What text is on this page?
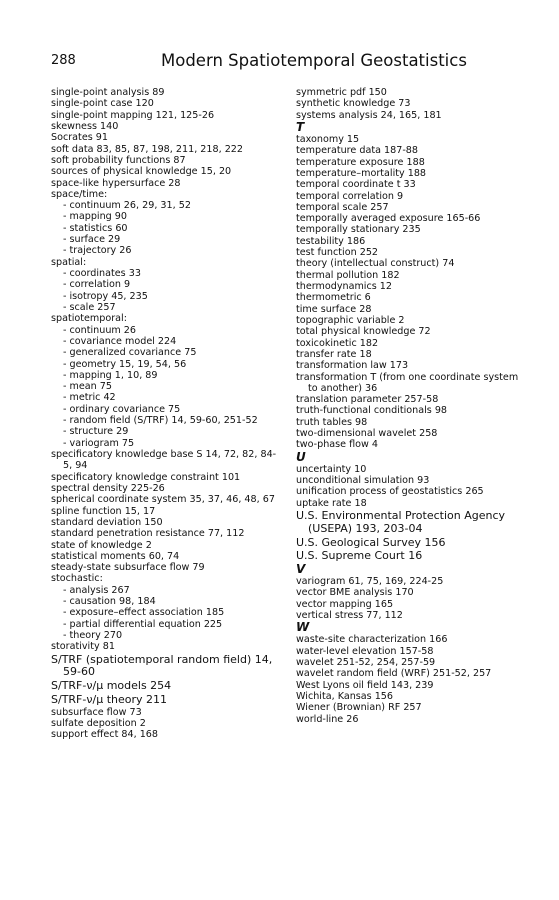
288	Modern Spatiotemporal Geostatistics

single-point analysis 89

single-point case 120

single-point mapping 121, 125-26

skewness 140

Socrates 91

soft data 83, 85, 87, 198, 211, 218, 222

soft probability functions 87

sources of physical knowledge 15, 20

space-like hypersurface 28

space/time:

- continuum 26, 29, 31, 52

- mapping 90

- statistics 60

- surface 29

- trajectory 26

spatial:

- coordinates 33

- correlation 9

- isotropy 45, 235

- scale 257

spatiotemporal:

- continuum 26

- covariance model 224

- generalized covariance 75

- geometry 15, 19, 54, 56

- mapping 1, 10, 89

- mean 75

- metric 42

- ordinary covariance 75

- random field (S/TRF) 14, 59-60, 251-52

- structure 29

- variogram 75

specificatory knowledge base S 14, 72, 82, 84-5, 94

specificatory knowledge constraint 101

spectral density 225-26

spherical coordinate system 35, 37, 46, 48, 67

spline function 15, 17

standard deviation 150

standard penetration resistance 77, 112

state of knowledge 2

statistical moments 60, 74

steady-state subsurface flow 79

stochastic:

- analysis 267

- causation 98, 184

- exposure–effect association 185

- partial differential equation 225

- theory 270

storativity 81

S/TRF (spatiotemporal random field) 14, 59-60

S/TRF-ν/μ models 254

S/TRF-ν/μ theory 211

subsurface flow 73

sulfate deposition 2

support effect 84, 168

symmetric pdf 150

synthetic knowledge 73

systems analysis 24, 165, 181

T

taxonomy 15

temperature data 187-88

temperature exposure 188

temperature–mortality 188

temporal coordinate t 33

temporal correlation 9

temporal scale 257

temporally averaged exposure 165-66

temporally stationary 235

testability 186

test function 252

theory (intellectual construct) 74

thermal pollution 182

thermodynamics 12

thermometric 6

time surface 28

topographic variable 2

total physical knowledge 72

toxicokinetic 182

transfer rate 18

transformation law 173

transformation T (from one coordinate system to another) 36

translation parameter 257-58

truth-functional conditionals 98

truth tables 98

two-dimensional wavelet 258

two-phase flow 4

U

uncertainty 10

unconditional simulation 93

unification process of geostatistics 265

uptake rate 18

U.S. Environmental Protection Agency (USEPA) 193, 203-04

U.S. Geological Survey 156

U.S. Supreme Court 16

V

variogram 61, 75, 169, 224-25

vector BME analysis 170

vector mapping 165

vertical stress 77, 112

W

waste-site characterization 166

water-level elevation 157-58

wavelet 251-52, 254, 257-59

wavelet random field (WRF) 251-52, 257

West Lyons oil field 143, 239

Wichita, Kansas 156

Wiener (Brownian) RF 257

world-line 26
